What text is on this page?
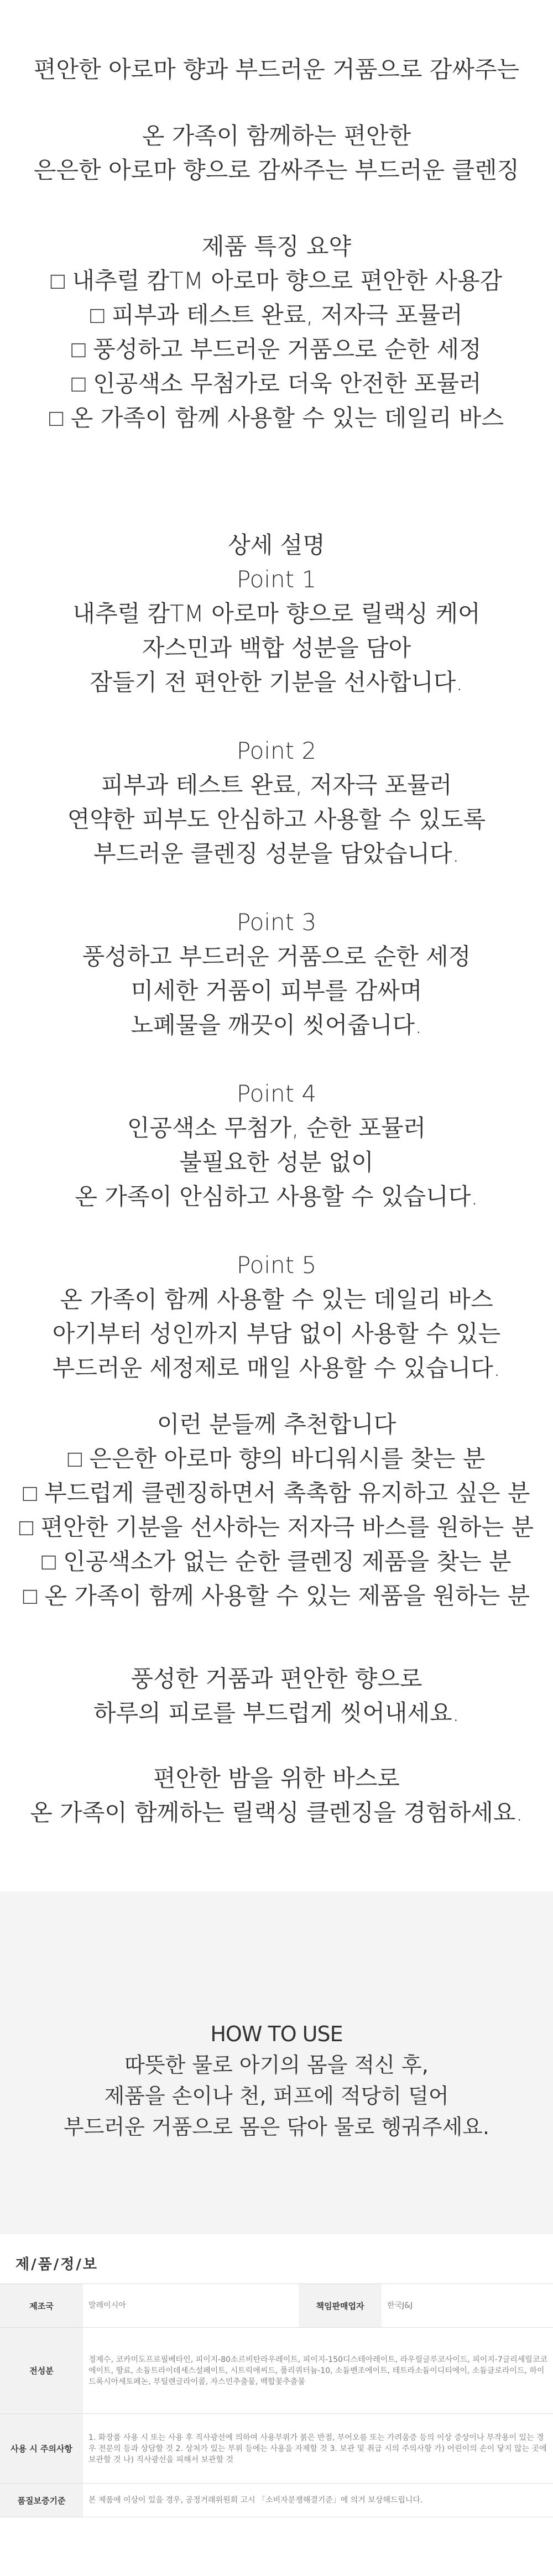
편안한 아로마 향과 부드러운 거품으로 감싸주는

온 가족이 함께하는 편안한

은은한 아로마 향으로 감싸주는 부드러운 클렌징

제품 특징 요약

□ 내추럴 캄TM 아로마 향으로 편안한 사용감

□ 피부과 테스트 완료, 저자극 포뮬러

□ 풍성하고 부드러운 거품으로 순한 세정

□ 인공색소 무첨가로 더욱 안전한 포뮬러

□ 온 가족이 함께 사용할 수 있는 데일리 바스

상세 설명

Point 1

내추럴 캄TM 아로마 향으로 릴랙싱 케어

자스민과 백합 성분을 담아

잠들기 전 편안한 기분을 선사합니다.

Point 2

피부과 테스트 완료, 저자극 포뮬러

연약한 피부도 안심하고 사용할 수 있도록

부드러운 클렌징 성분을 담았습니다.

Point 3

풍성하고 부드러운 거품으로 순한 세정

미세한 거품이 피부를 감싸며

노폐물을 깨끗이 씻어줍니다.

Point 4

인공색소 무첨가, 순한 포뮬러

불필요한 성분 없이

온 가족이 안심하고 사용할 수 있습니다.

Point 5

온 가족이 함께 사용할 수 있는 데일리 바스

아기부터 성인까지 부담 없이 사용할 수 있는

부드러운 세정제로 매일 사용할 수 있습니다.

이런 분들께 추천합니다

□ 은은한 아로마 향의 바디워시를 찾는 분

□ 부드럽게 클렌징하면서 촉촉함 유지하고 싶은 분

□ 편안한 기분을 선사하는 저자극 바스를 원하는 분

□ 인공색소가 없는 순한 클렌징 제품을 찾는 분

□ 온 가족이 함께 사용할 수 있는 제품을 원하는 분

풍성한 거품과 편안한 향으로

하루의 피로를 부드럽게 씻어내세요.

편안한 밤을 위한 바스로

온 가족이 함께하는 릴랙싱 클렌징을 경험하세요.

HOW TO USE

따뜻한 물로 아기의 몸을 적신 후,

제품을 손이나 천, 퍼프에 적당히 덜어

부드러운 거품으로 몸은 닦아 물로 헹궈주세요.

제/품/정/보
제조국	말레이시아	책임판매업자	한국J&J
전성분	정제수, 코카미도프로필베타인, 피이지-80소르비탄라우레이트, 피이지-150디스테아레이트, 라우릴글루코사이드, 피이지-7글리세릴코코에이트, 향료, 소듐트라이데세스설페이트, 시트릭애씨드, 폴리쿼터늄-10, 소듐벤조에이트, 테트라소듐이디티에이, 소듐클로라이드, 하이드록시아세토페논, 부틸렌글라이콜, 자스민추출물, 백합꽃추출물		
사용 시 주의사항	1. 화장품 사용 시 또는 사용 후 직사광선에 의하여 사용부위가 붉은 반점, 부어오름 또는 가려움증 등의 이상 증상이나 부작용이 있는 경우 전문의 등과 상담할 것 2. 상처가 있는 부위 등에는 사용을 자제할 것 3. 보관 및 취급 시의 주의사항 가) 어린이의 손이 닿지 않는 곳에 보관할 것 나) 직사광선을 피해서 보관할 것		
품질보증기준	본 제품에 이상이 있을 경우, 공정거래위원회 고시 「소비자분쟁해결기준」에 의거 보상해드립니다.		
